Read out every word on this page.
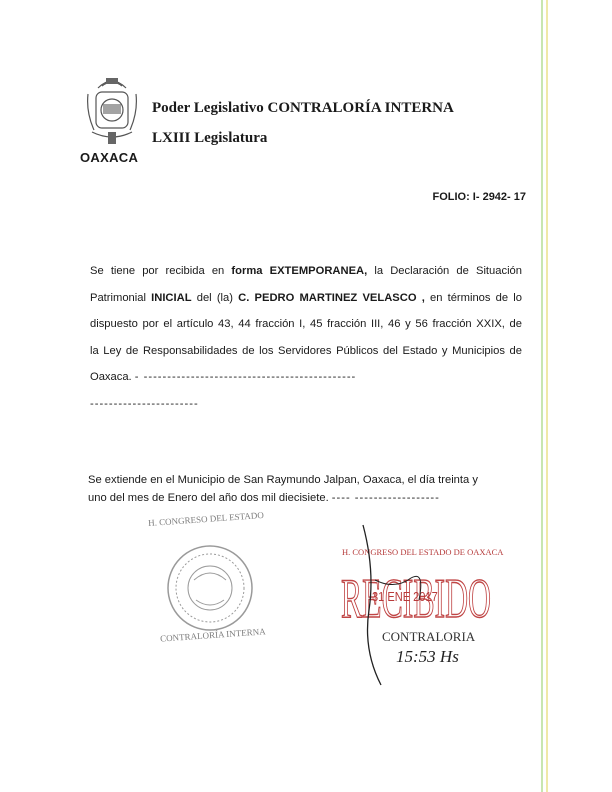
OAXACA
Poder Legislativo CONTRALORÍA INTERNA
LXIII Legislatura
FOLIO: I- 2942- 17
Se tiene por recibida en forma EXTEMPORANEA, la Declaración de Situación
Patrimonial INICIAL del (la) C. PEDRO MARTINEZ VELASCO , en términos de lo
dispuesto por el artículo 43, 44 fracción I, 45 fracción III, 46 y 56 fracción XXIX, de
la Ley de Responsabilidades de los Servidores Públicos del Estado y Municipios de
Oaxaca. - ---------------------------------------------
-----------------------
Se extiende en el Municipio de San Raymundo Jalpan, Oaxaca, el día treinta y
uno del mes de Enero del año dos mil diecisiete. ---- ------------------
H. CONGRESO DEL ESTADO
CONTRALORÍA INTERNA
H. CONGRESO DEL ESTADO DE OAXACA
RECIBIDO
31 ENE 2017
CONTRALORIA
15:53 Hs
